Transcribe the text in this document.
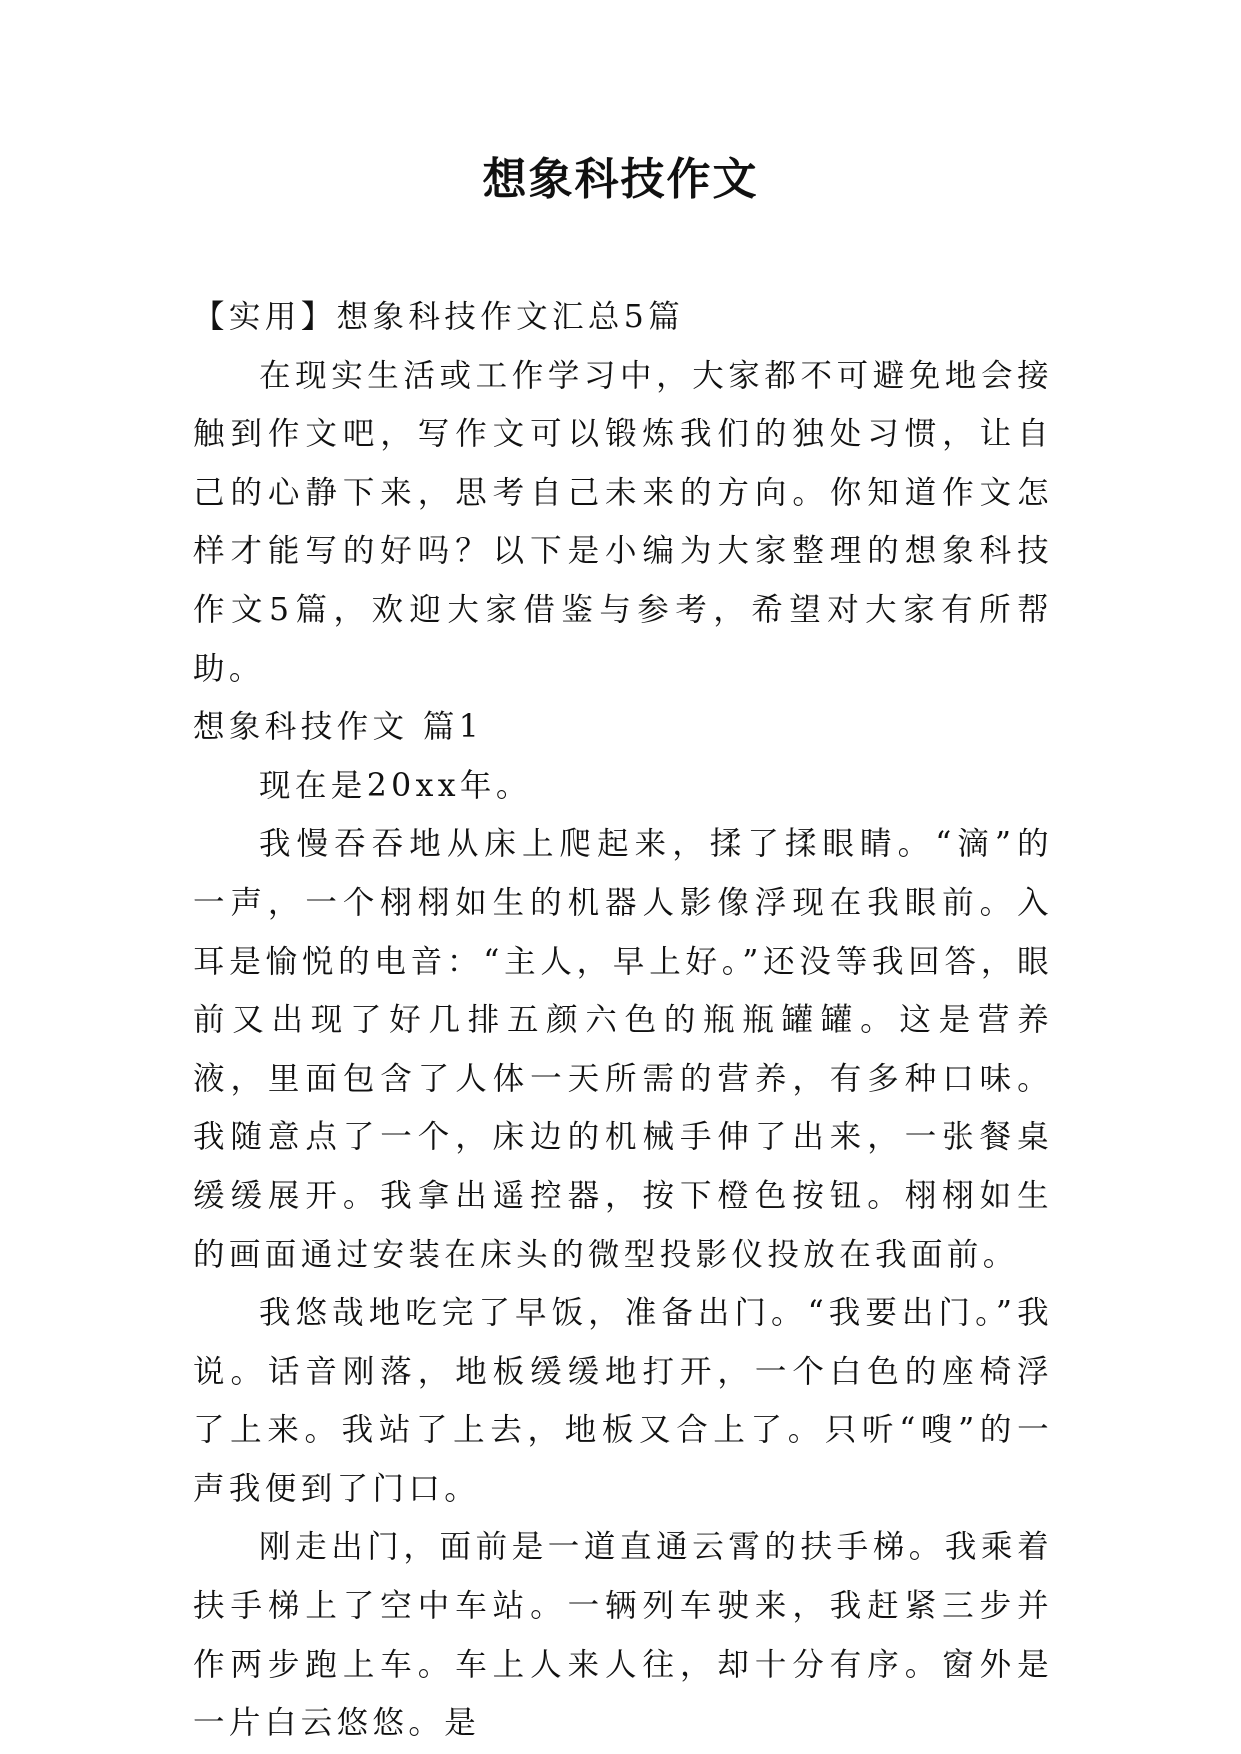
想象科技作文

【实用】想象科技作文汇总5篇

在现实生活或工作学习中，大家都不可避免地会接触到作文吧，写作文可以锻炼我们的独处习惯，让自己的心静下来，思考自己未来的方向。你知道作文怎样才能写的好吗？以下是小编为大家整理的想象科技作文5篇，欢迎大家借鉴与参考，希望对大家有所帮助。

想象科技作文 篇1

现在是20xx年。

我慢吞吞地从床上爬起来，揉了揉眼睛。“滴”的一声，一个栩栩如生的机器人影像浮现在我眼前。入耳是愉悦的电音：“主人，早上好。”还没等我回答，眼前又出现了好几排五颜六色的瓶瓶罐罐。这是营养液，里面包含了人体一天所需的营养，有多种口味。我随意点了一个，床边的机械手伸了出来，一张餐桌缓缓展开。我拿出遥控器，按下橙色按钮。栩栩如生的画面通过安装在床头的微型投影仪投放在我面前。

我悠哉地吃完了早饭，准备出门。“我要出门。”我说。话音刚落，地板缓缓地打开，一个白色的座椅浮了上来。我站了上去，地板又合上了。只听“嗖”的一声我便到了门口。

刚走出门，面前是一道直通云霄的扶手梯。我乘着扶手梯上了空中车站。一辆列车驶来，我赶紧三步并作两步跑上车。车上人来人往，却十分有序。窗外是一片白云悠悠。是
